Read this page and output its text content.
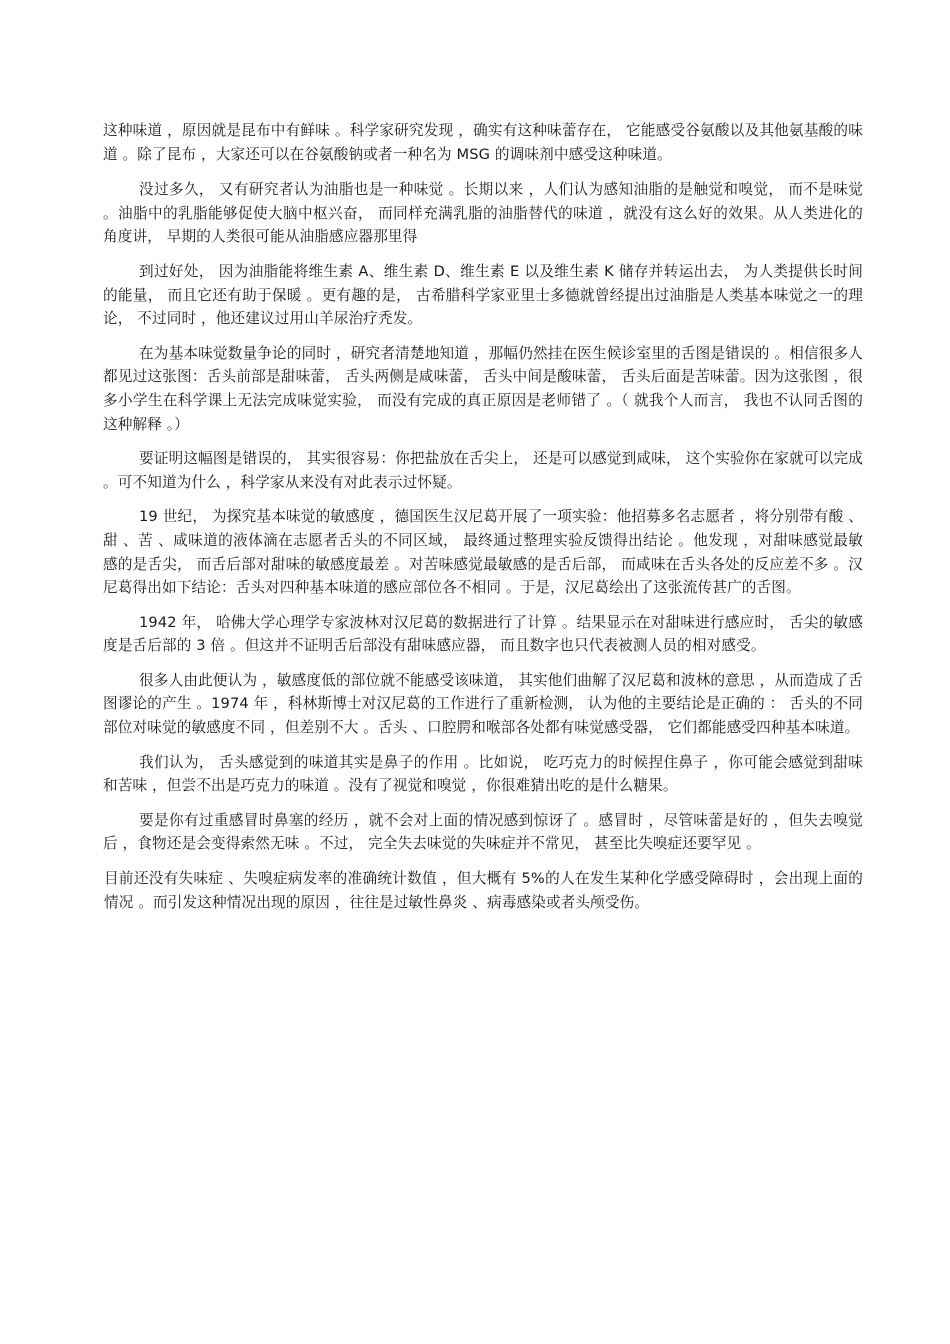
这种味道 ，原因就是昆布中有鲜味 。科学家研究发现 ，确实有这种味蕾存在， 它能感受谷氨酸以及其他氨基酸的味道 。除了昆布 ，大家还可以在谷氨酸钠或者一种名为 MSG 的调味剂中感受这种味道。

没过多久， 又有研究者认为油脂也是一种味觉 。长期以来 ，人们认为感知油脂的是触觉和嗅觉， 而不是味觉 。油脂中的乳脂能够促使大脑中枢兴奋， 而同样充满乳脂的油脂替代的味道 ，就没有这么好的效果。从人类进化的角度讲， 早期的人类很可能从油脂感应器那里得

到过好处， 因为油脂能将维生素 A、维生素 D、维生素 E 以及维生素 K 储存并转运出去， 为人类提供长时间的能量， 而且它还有助于保暖 。更有趣的是， 古希腊科学家亚里士多德就曾经提出过油脂是人类基本味觉之一的理论， 不过同时 ，他还建议过用山羊尿治疗秃发。

在为基本味觉数量争论的同时 ，研究者清楚地知道 ，那幅仍然挂在医生候诊室里的舌图是错误的 。相信很多人都见过这张图：舌头前部是甜味蕾， 舌头两侧是咸味蕾， 舌头中间是酸味蕾， 舌头后面是苦味蕾。因为这张图 ，很多小学生在科学课上无法完成味觉实验， 而没有完成的真正原因是老师错了 。（ 就我个人而言， 我也不认同舌图的这种解释 。）

要证明这幅图是错误的， 其实很容易：你把盐放在舌尖上， 还是可以感觉到咸味， 这个实验你在家就可以完成 。可不知道为什么 ，科学家从来没有对此表示过怀疑。

19 世纪， 为探究基本味觉的敏感度 ，德国医生汉尼葛开展了一项实验：他招募多名志愿者 ，将分别带有酸 、甜 、苦 、咸味道的液体滴在志愿者舌头的不同区域， 最终通过整理实验反馈得出结论 。他发现 ，对甜味感觉最敏感的是舌尖， 而舌后部对甜味的敏感度最差 。对苦味感觉最敏感的是舌后部， 而咸味在舌头各处的反应差不多 。汉尼葛得出如下结论：舌头对四种基本味道的感应部位各不相同 。于是，汉尼葛绘出了这张流传甚广的舌图。

1942 年， 哈佛大学心理学专家波林对汉尼葛的数据进行了计算 。结果显示在对甜味进行感应时， 舌尖的敏感度是舌后部的 3 倍 。但这并不证明舌后部没有甜味感应器， 而且数字也只代表被测人员的相对感受。

很多人由此便认为 ，敏感度低的部位就不能感受该味道， 其实他们曲解了汉尼葛和波林的意思 ，从而造成了舌图谬论的产生 。1974 年 ，科林斯博士对汉尼葛的工作进行了重新检测， 认为他的主要结论是正确的 ： 舌头的不同部位对味觉的敏感度不同 ，但差别不大 。舌头 、口腔腭和喉部各处都有味觉感受器， 它们都能感受四种基本味道。

我们认为， 舌头感觉到的味道其实是鼻子的作用 。比如说， 吃巧克力的时候捏住鼻子 ，你可能会感觉到甜味和苦味 ，但尝不出是巧克力的味道 。没有了视觉和嗅觉 ，你很难猜出吃的是什么糖果。

要是你有过重感冒时鼻塞的经历 ，就不会对上面的情况感到惊讶了 。感冒时 ，尽管味蕾是好的 ，但失去嗅觉后 ，食物还是会变得索然无味 。不过， 完全失去味觉的失味症并不常见， 甚至比失嗅症还要罕见 。

目前还没有失味症 、失嗅症病发率的准确统计数值 ，但大概有 5%的人在发生某种化学感受障碍时 ，会出现上面的情况 。而引发这种情况出现的原因 ，往往是过敏性鼻炎 、病毒感染或者头颅受伤。
